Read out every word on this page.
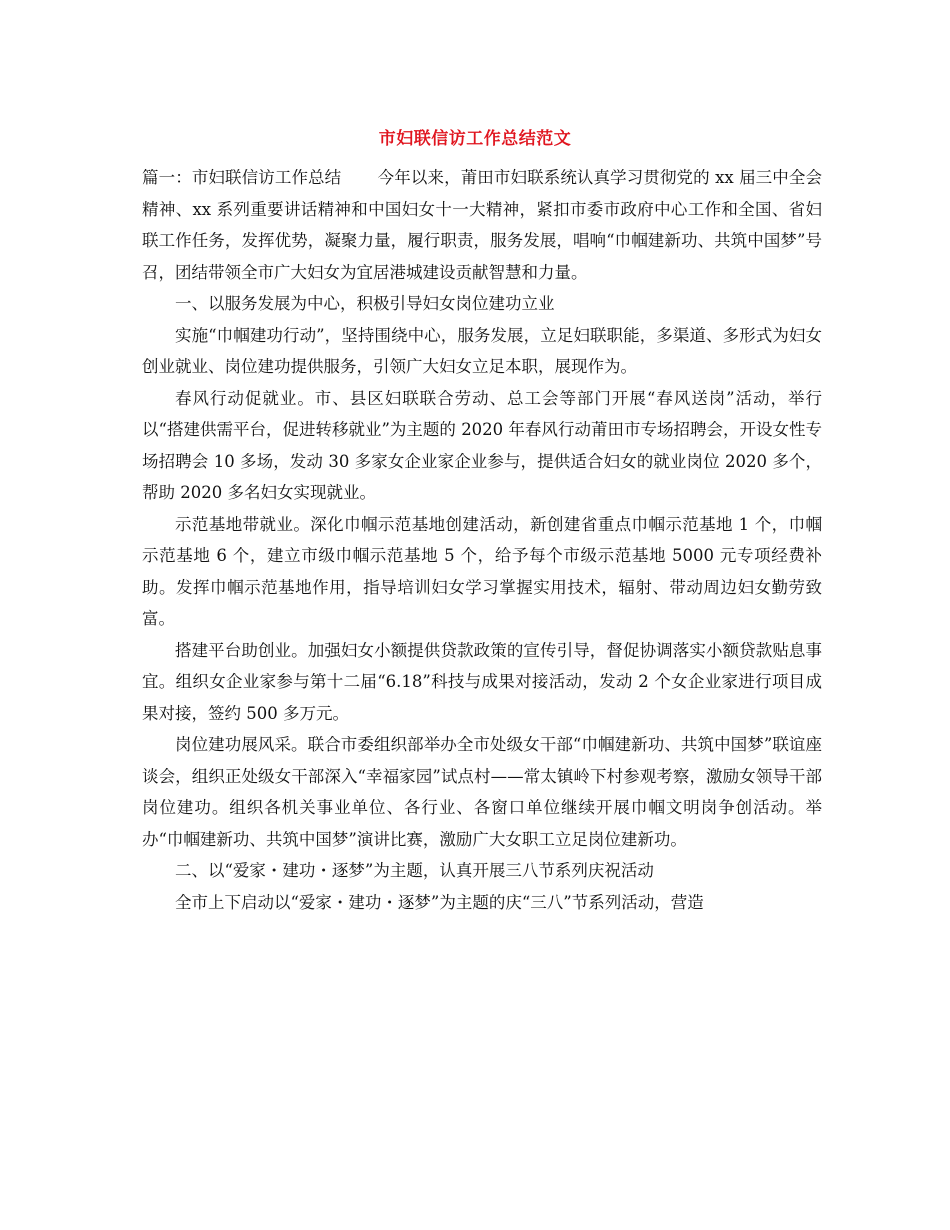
市妇联信访工作总结范文

篇一：市妇联信访工作总结 今年以来，莆田市妇联系统认真学习贯彻党的 xx 届三中全会精神、xx 系列重要讲话精神和中国妇女十一大精神，紧扣市委市政府中心工作和全国、省妇联工作任务，发挥优势，凝聚力量，履行职责，服务发展，唱响“巾帼建新功、共筑中国梦”号召，团结带领全市广大妇女为宜居港城建设贡献智慧和力量。

一、以服务发展为中心，积极引导妇女岗位建功立业

实施“巾帼建功行动”，坚持围绕中心，服务发展，立足妇联职能，多渠道、多形式为妇女创业就业、岗位建功提供服务，引领广大妇女立足本职，展现作为。

春风行动促就业。市、县区妇联联合劳动、总工会等部门开展“春风送岗”活动，举行以“搭建供需平台，促进转移就业”为主题的 2020 年春风行动莆田市专场招聘会，开设女性专场招聘会 10 多场，发动 30 多家女企业家企业参与，提供适合妇女的就业岗位 2020 多个，帮助 2020 多名妇女实现就业。

示范基地带就业。深化巾帼示范基地创建活动，新创建省重点巾帼示范基地 1 个，巾帼示范基地 6 个，建立市级巾帼示范基地 5 个，给予每个市级示范基地 5000 元专项经费补助。发挥巾帼示范基地作用，指导培训妇女学习掌握实用技术，辐射、带动周边妇女勤劳致富。

搭建平台助创业。加强妇女小额提供贷款政策的宣传引导，督促协调落实小额贷款贴息事宜。组织女企业家参与第十二届“6.18”科技与成果对接活动，发动 2 个女企业家进行项目成果对接，签约 500 多万元。

岗位建功展风采。联合市委组织部举办全市处级女干部“巾帼建新功、共筑中国梦”联谊座谈会，组织正处级女干部深入“幸福家园”试点村——常太镇岭下村参观考察，激励女领导干部岗位建功。组织各机关事业单位、各行业、各窗口单位继续开展巾帼文明岗争创活动。举办“巾帼建新功、共筑中国梦”演讲比赛，激励广大女职工立足岗位建新功。

二、以“爱家・建功・逐梦”为主题，认真开展三八节系列庆祝活动

全市上下启动以“爱家・建功・逐梦”为主题的庆“三八”节系列活动，营造
